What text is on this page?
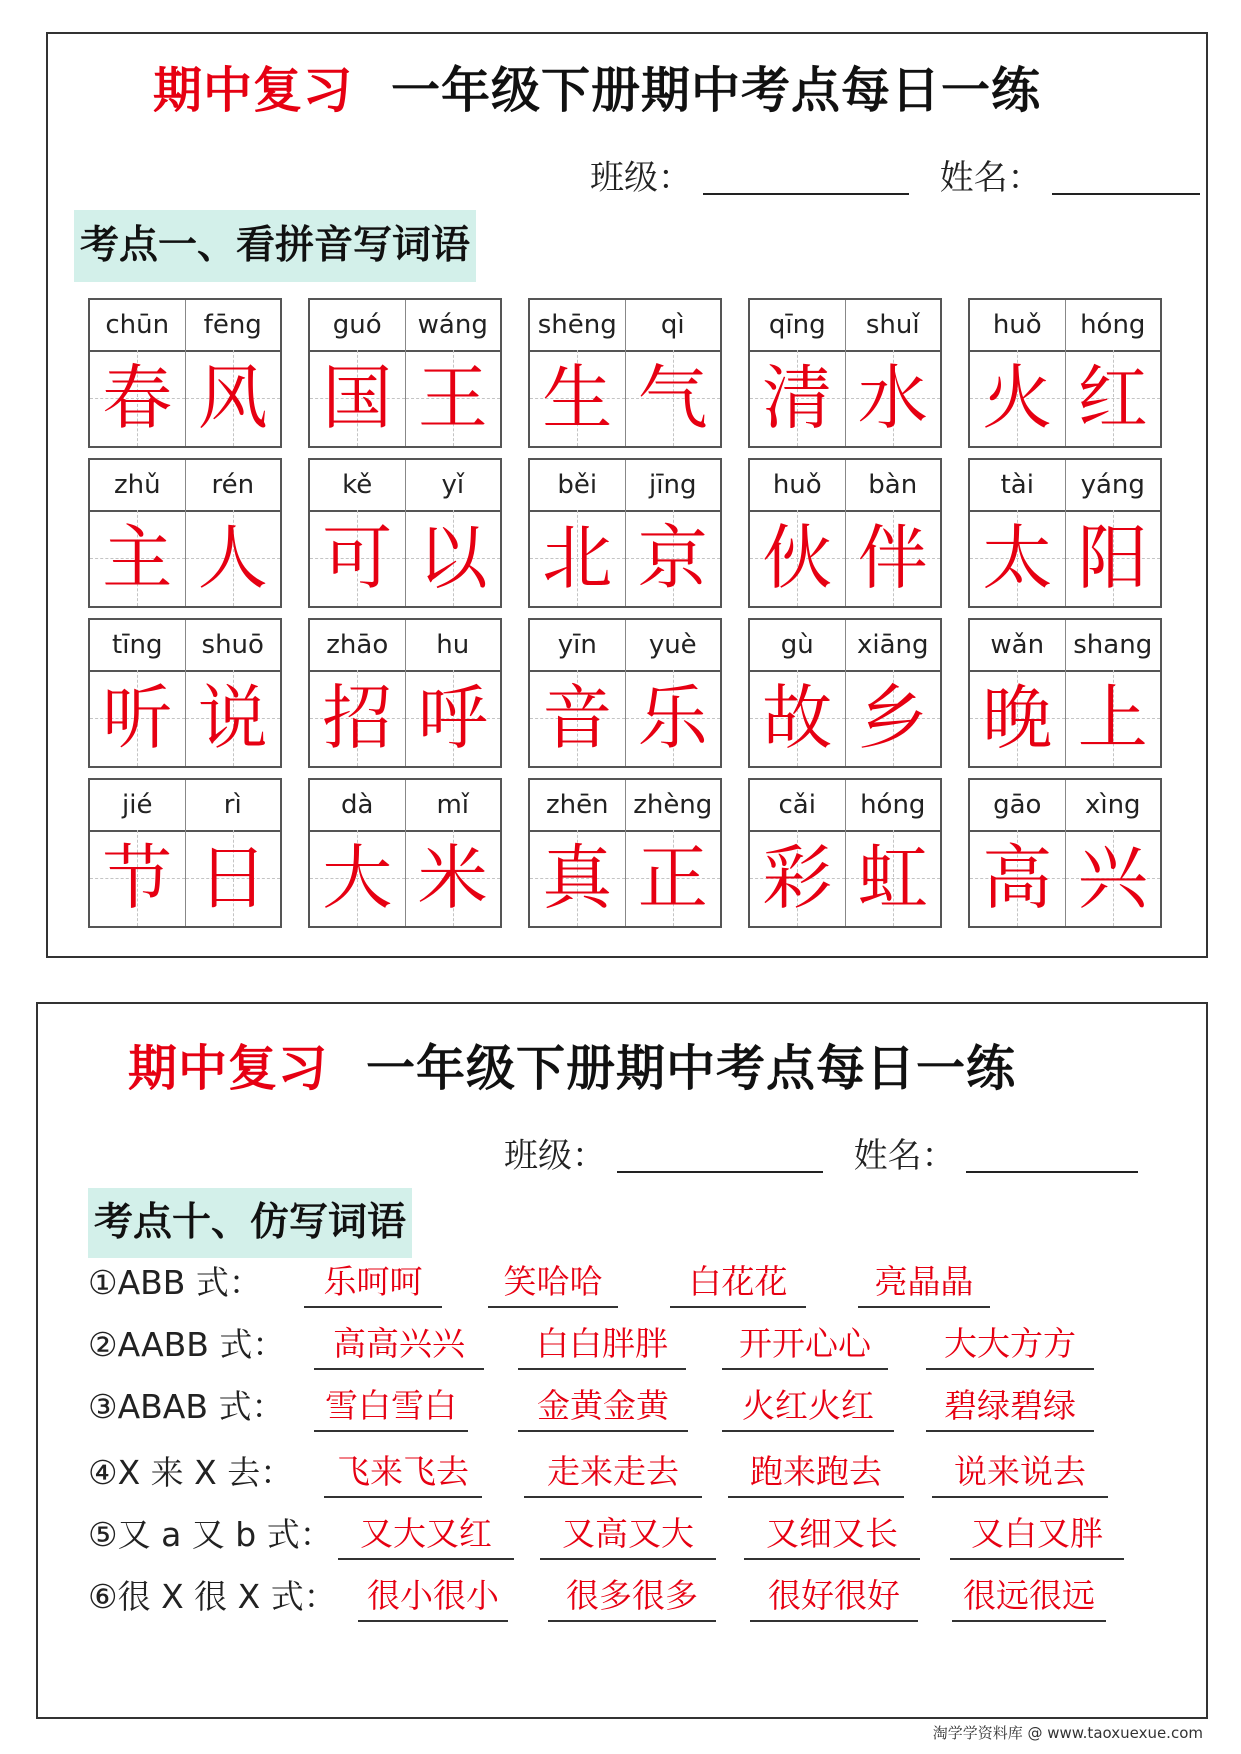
期中复习 一年级下册期中考点每日一练
班级：	姓名：
考点一、看拼音写词语
chūn	fēng
春 风
guó	wáng
国 王
shēng	qì
生 气
qīng	shuǐ
清 水
huǒ	hóng
火 红
zhǔ	rén
主 人
kě	yǐ
可 以
běi	jīng
北 京
huǒ	bàn
伙 伴
tài	yáng
太 阳
tīng	shuō
听 说
zhāo	hu
招 呼
yīn	yuè
音 乐
gù	xiāng
故 乡
wǎn	shang
晚 上
jié	rì
节 日
dà	mǐ
大 米
zhēn zhèng
真 正
cǎi	hóng
彩 虹
gāo	xìng
高 兴
期中复习 一年级下册期中考点每日一练
班级：	姓名：
考点十、仿写词语
①ABB 式：	乐呵呵	笑哈哈	白花花	亮晶晶
②AABB 式：	高高兴兴	白白胖胖	开开心心	大大方方
③ABAB 式：	雪白雪白	金黄金黄	火红火红	碧绿碧绿
④X 来 X 去：	飞来飞去	走来走去	跑来跑去	说来说去
⑤又 a 又 b 式： 又大又红	又高又大	又细又长	又白又胖
⑥很 X 很 X 式： 很小很小	很多很多	很好很好	很远很远
淘学学资料库 @ www.taoxuexue.com
